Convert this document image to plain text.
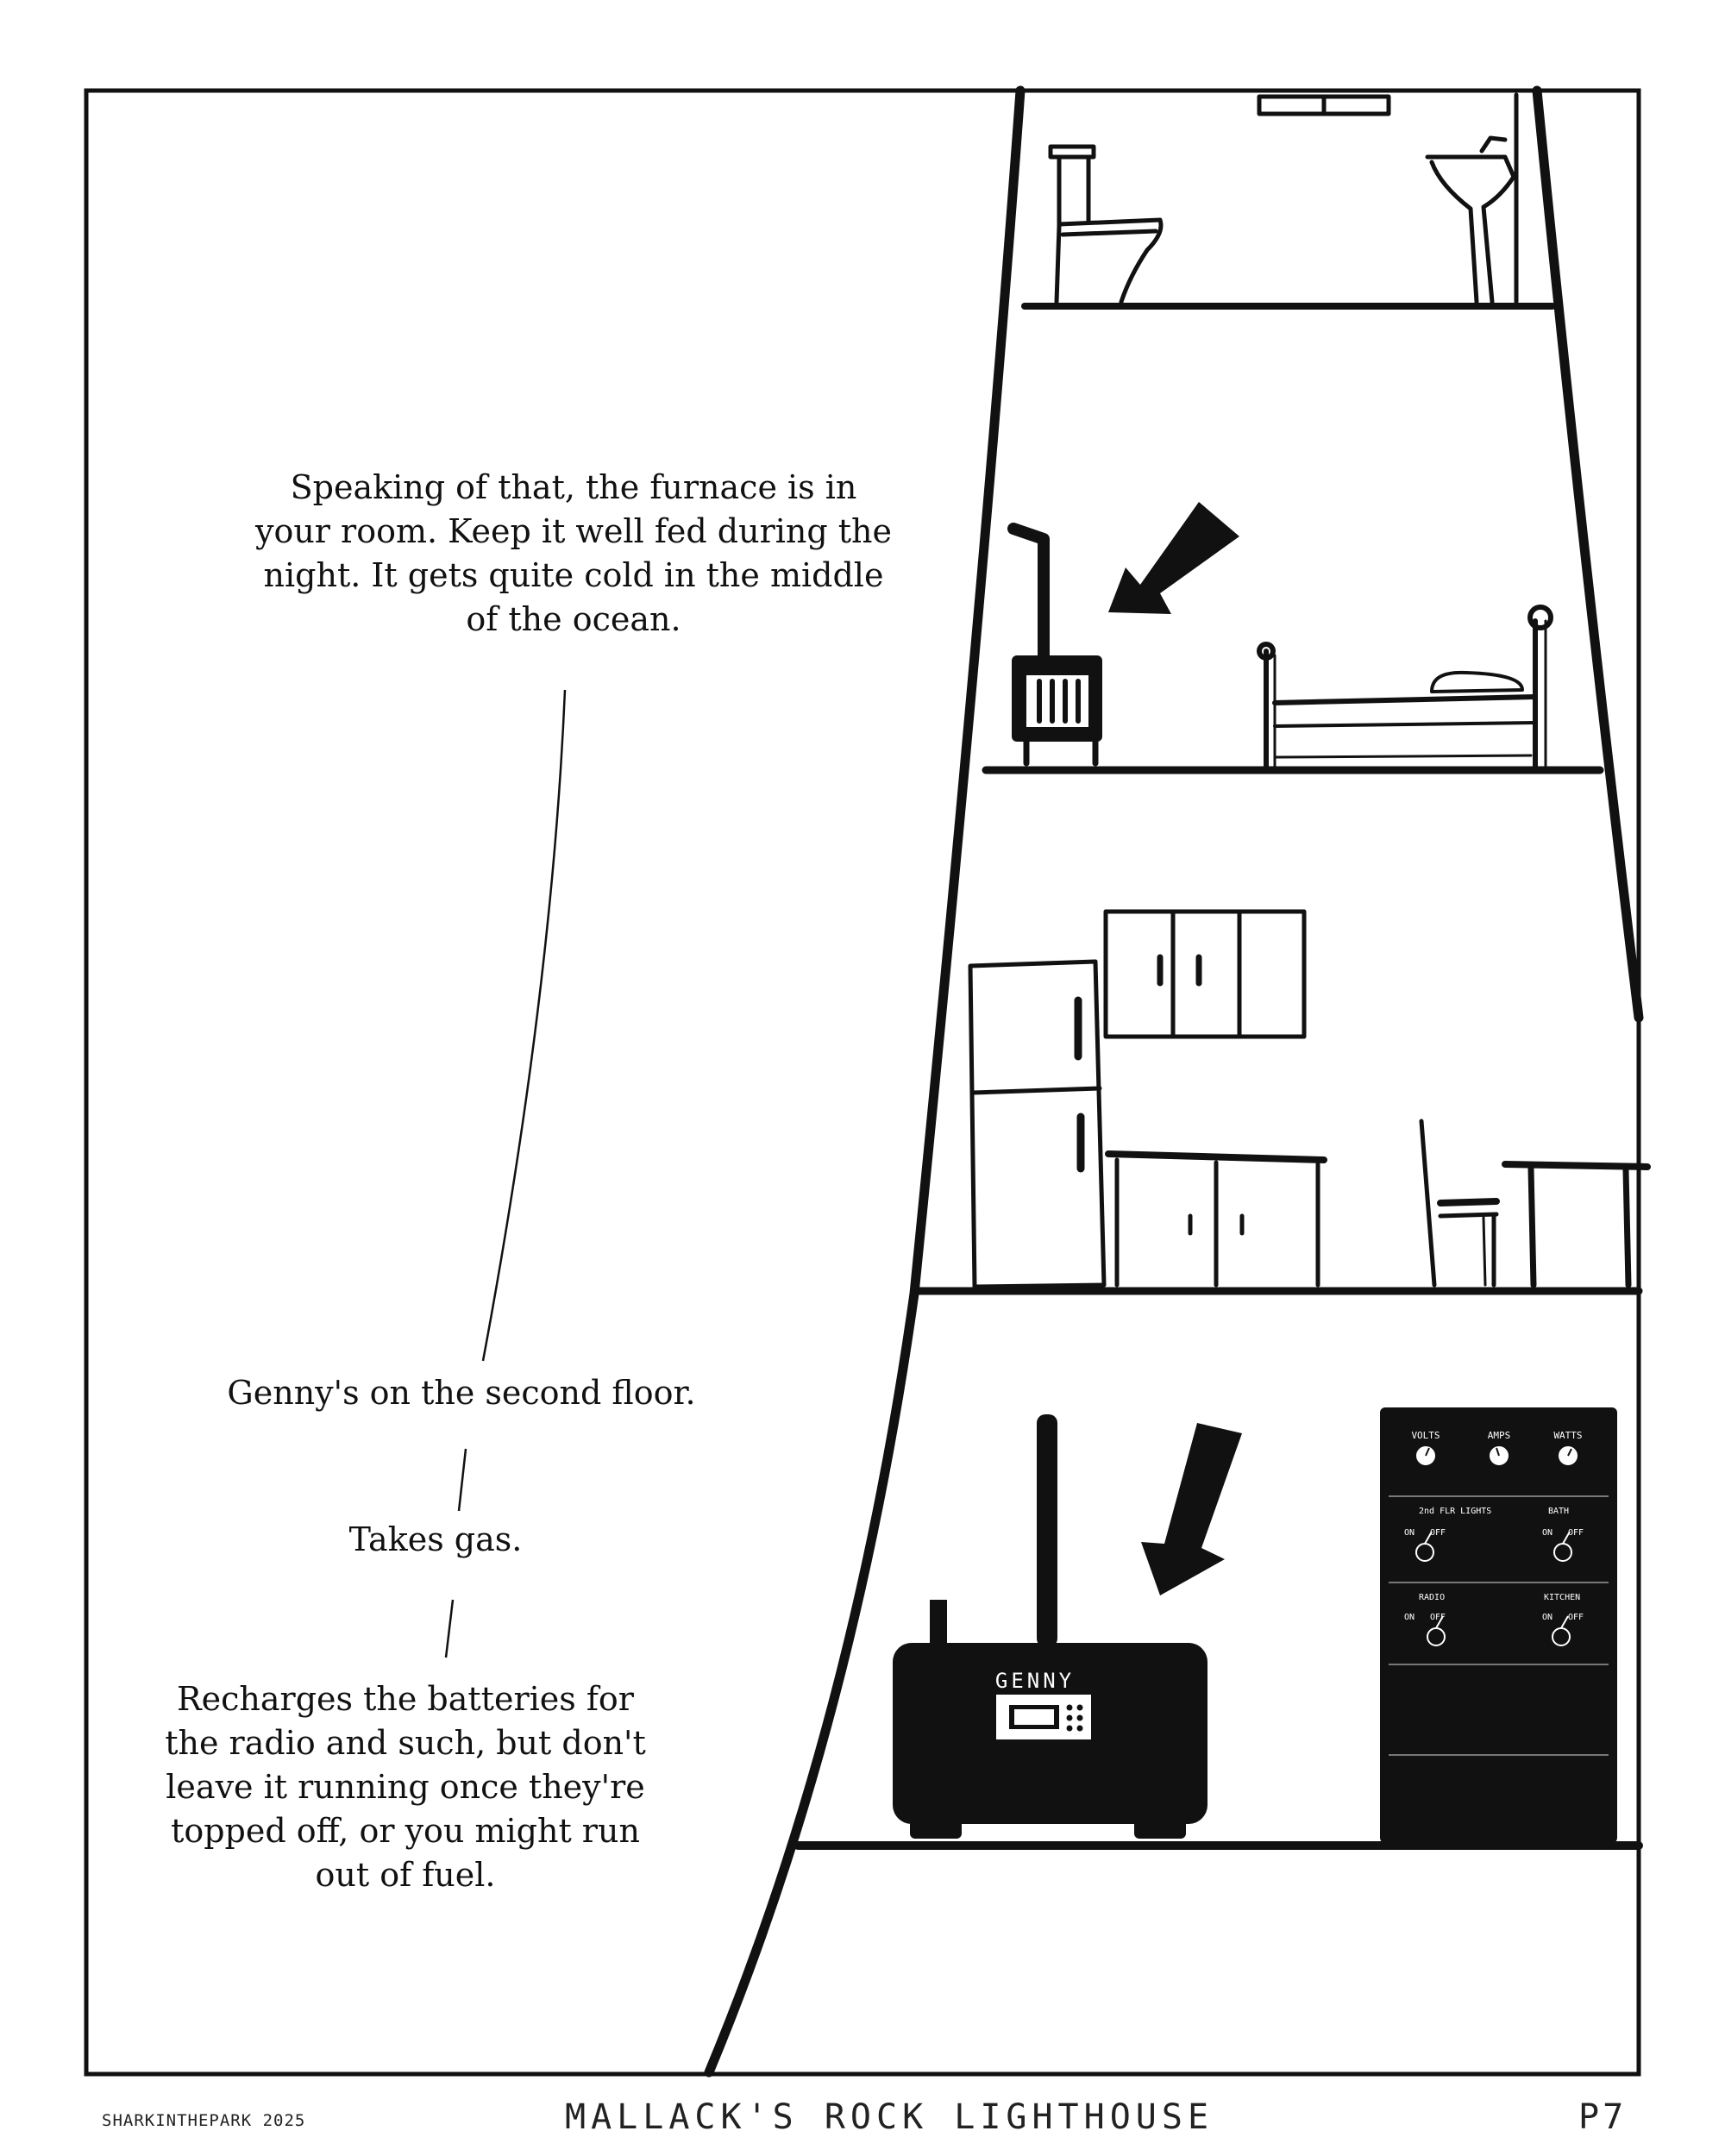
GENNY
VOLTS	AMPS	WATTS
2nd FLR LIGHTS	BATH
RADIO	KITCHEN
ON OFF	ON OFF
ON OFF	ON OFF
Speaking of that, the furnace is in your room. Keep it well fed during the night. It gets quite cold in the middle of the ocean.
Genny's on the second floor.
Takes gas.
Recharges the batteries for the radio and such, but don't leave it running once they're topped off, or you might run out of fuel.
SHARKINTHEPARK 2025	MALLACK'S ROCK LIGHTHOUSE	P7
